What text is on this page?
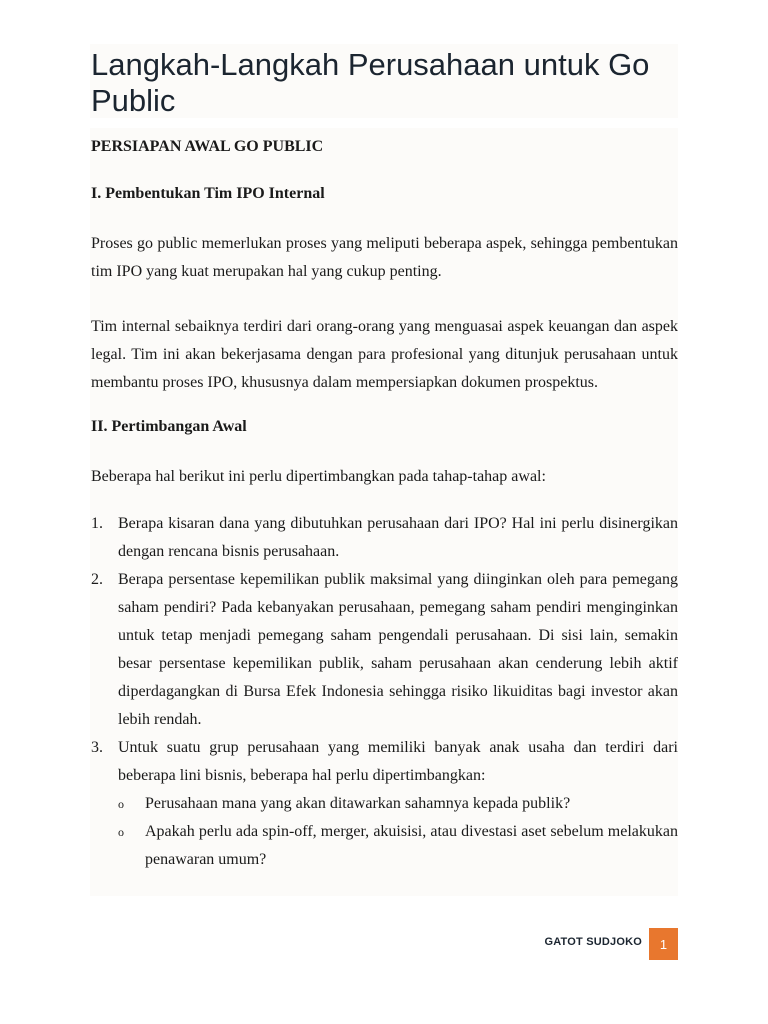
Langkah-Langkah Perusahaan untuk Go Public

PERSIAPAN AWAL GO PUBLIC

I. Pembentukan Tim IPO Internal

Proses go public memerlukan proses yang meliputi beberapa aspek, sehingga pembentukan tim IPO yang kuat merupakan hal yang cukup penting.

Tim internal sebaiknya terdiri dari orang-orang yang menguasai aspek keuangan dan aspek legal. Tim ini akan bekerjasama dengan para profesional yang ditunjuk perusahaan untuk membantu proses IPO, khususnya dalam mempersiapkan dokumen prospektus.

II. Pertimbangan Awal

Beberapa hal berikut ini perlu dipertimbangkan pada tahap-tahap awal:

1. Berapa kisaran dana yang dibutuhkan perusahaan dari IPO? Hal ini perlu disinergikan dengan rencana bisnis perusahaan.
2. Berapa persentase kepemilikan publik maksimal yang diinginkan oleh para pemegang saham pendiri? Pada kebanyakan perusahaan, pemegang saham pendiri menginginkan untuk tetap menjadi pemegang saham pengendali perusahaan. Di sisi lain, semakin besar persentase kepemilikan publik, saham perusahaan akan cenderung lebih aktif diperdagangkan di Bursa Efek Indonesia sehingga risiko likuiditas bagi investor akan lebih rendah.
3. Untuk suatu grup perusahaan yang memiliki banyak anak usaha dan terdiri dari beberapa lini bisnis, beberapa hal perlu dipertimbangkan:
o Perusahaan mana yang akan ditawarkan sahamnya kepada publik?
o Apakah perlu ada spin-off, merger, akuisisi, atau divestasi aset sebelum melakukan penawaran umum?
GATOT SUDJOKO	1
